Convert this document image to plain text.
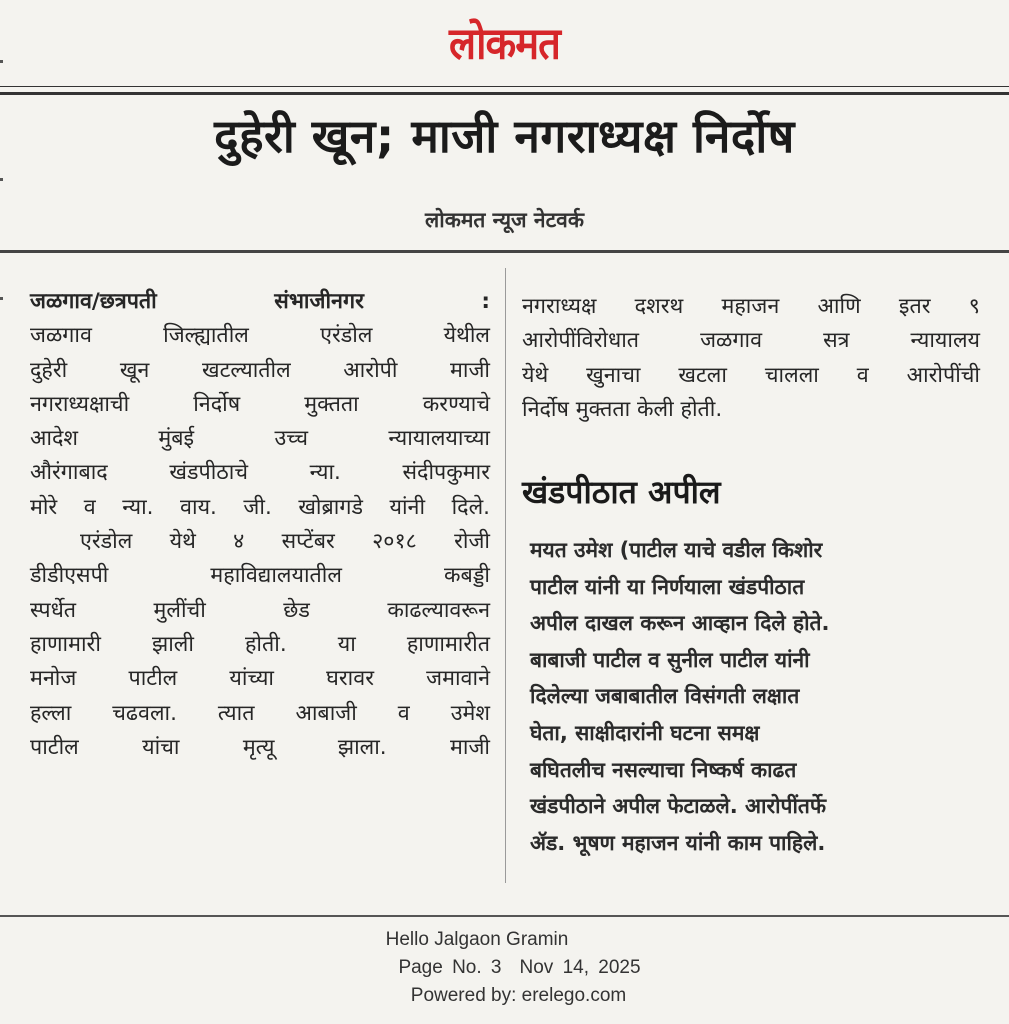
लोकमत
दुहेरी खून; माजी नगराध्यक्ष निर्दोष
लोकमत न्यूज नेटवर्क
जळगाव/छत्रपती संभाजीनगर :
जळगाव जिल्ह्यातील एरंडोल येथील
दुहेरी खून खटल्यातील आरोपी माजी
नगराध्यक्षाची निर्दोष मुक्तता करण्याचे
आदेश मुंबई उच्च न्यायालयाच्या
औरंगाबाद खंडपीठाचे न्या. संदीपकुमार
मोरे व न्या. वाय. जी. खोब्रागडे यांनी दिले.
एरंडोल येथे ४ सप्टेंबर २०१८ रोजी
डीडीएसपी महाविद्यालयातील कबड्डी
स्पर्धेत मुलींची छेड काढल्यावरून
हाणामारी झाली होती. या हाणामारीत
मनोज पाटील यांच्या घरावर जमावाने
हल्ला चढवला. त्यात आबाजी व उमेश
पाटील यांचा मृत्यू झाला. माजी
नगराध्यक्ष दशरथ महाजन आणि इतर ९
आरोपींविरोधात जळगाव सत्र न्यायालय
येथे खुनाचा खटला चालला व आरोपींची
निर्दोष मुक्तता केली होती.
खंडपीठात अपील
मयत उमेश (पाटील याचे वडील किशोर
पाटील यांनी या निर्णयाला खंडपीठात
अपील दाखल करून आव्हान दिले होते.
बाबाजी पाटील व सुनील पाटील यांनी
दिलेल्या जबाबातील विसंगती लक्षात
घेता, साक्षीदारांनी घटना समक्ष
बघितलीच नसल्याचा निष्कर्ष काढत
खंडपीठाने अपील फेटाळले. आरोपींतर्फे
ॲड. भूषण महाजन यांनी काम पाहिले.
Hello Jalgaon Gramin
Page No. 3 Nov 14, 2025
Powered by: erelego.com
